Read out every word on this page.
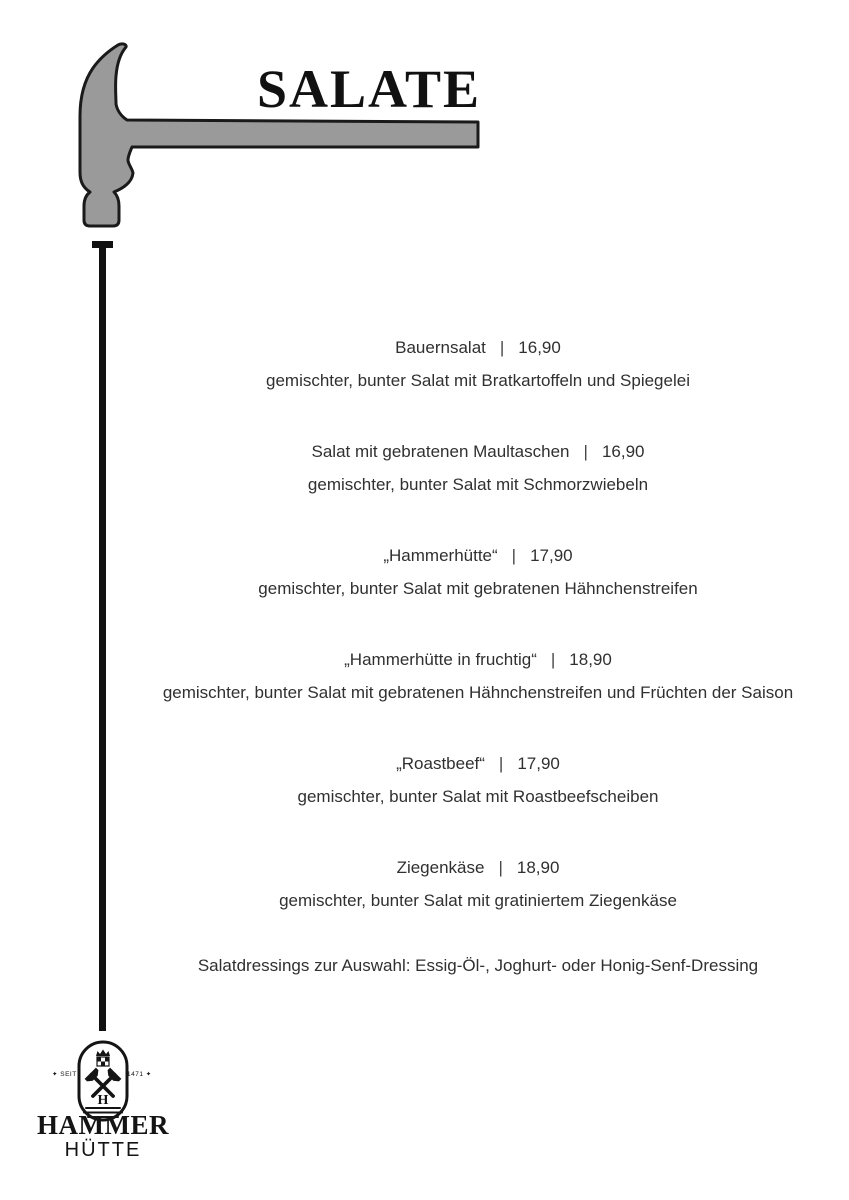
SALATE
Bauernsalat | 16,90
gemischter, bunter Salat mit Bratkartoffeln und Spiegelei
Salat mit gebratenen Maultaschen | 16,90
gemischter, bunter Salat mit Schmorzwiebeln
„Hammerhütte“ | 17,90
gemischter, bunter Salat mit gebratenen Hähnchenstreifen
„Hammerhütte in fruchtig“ | 18,90
gemischter, bunter Salat mit gebratenen Hähnchenstreifen und Früchten der Saison
„Roastbeef“ | 17,90
gemischter, bunter Salat mit Roastbeefscheiben
Ziegenkäse | 18,90
gemischter, bunter Salat mit gratiniertem Ziegenkäse
Salatdressings zur Auswahl: Essig-Öl-, Joghurt- oder Honig-Senf-Dressing
H
✦ SEIT	1471 ✦
HAMMER
HÜTTE
